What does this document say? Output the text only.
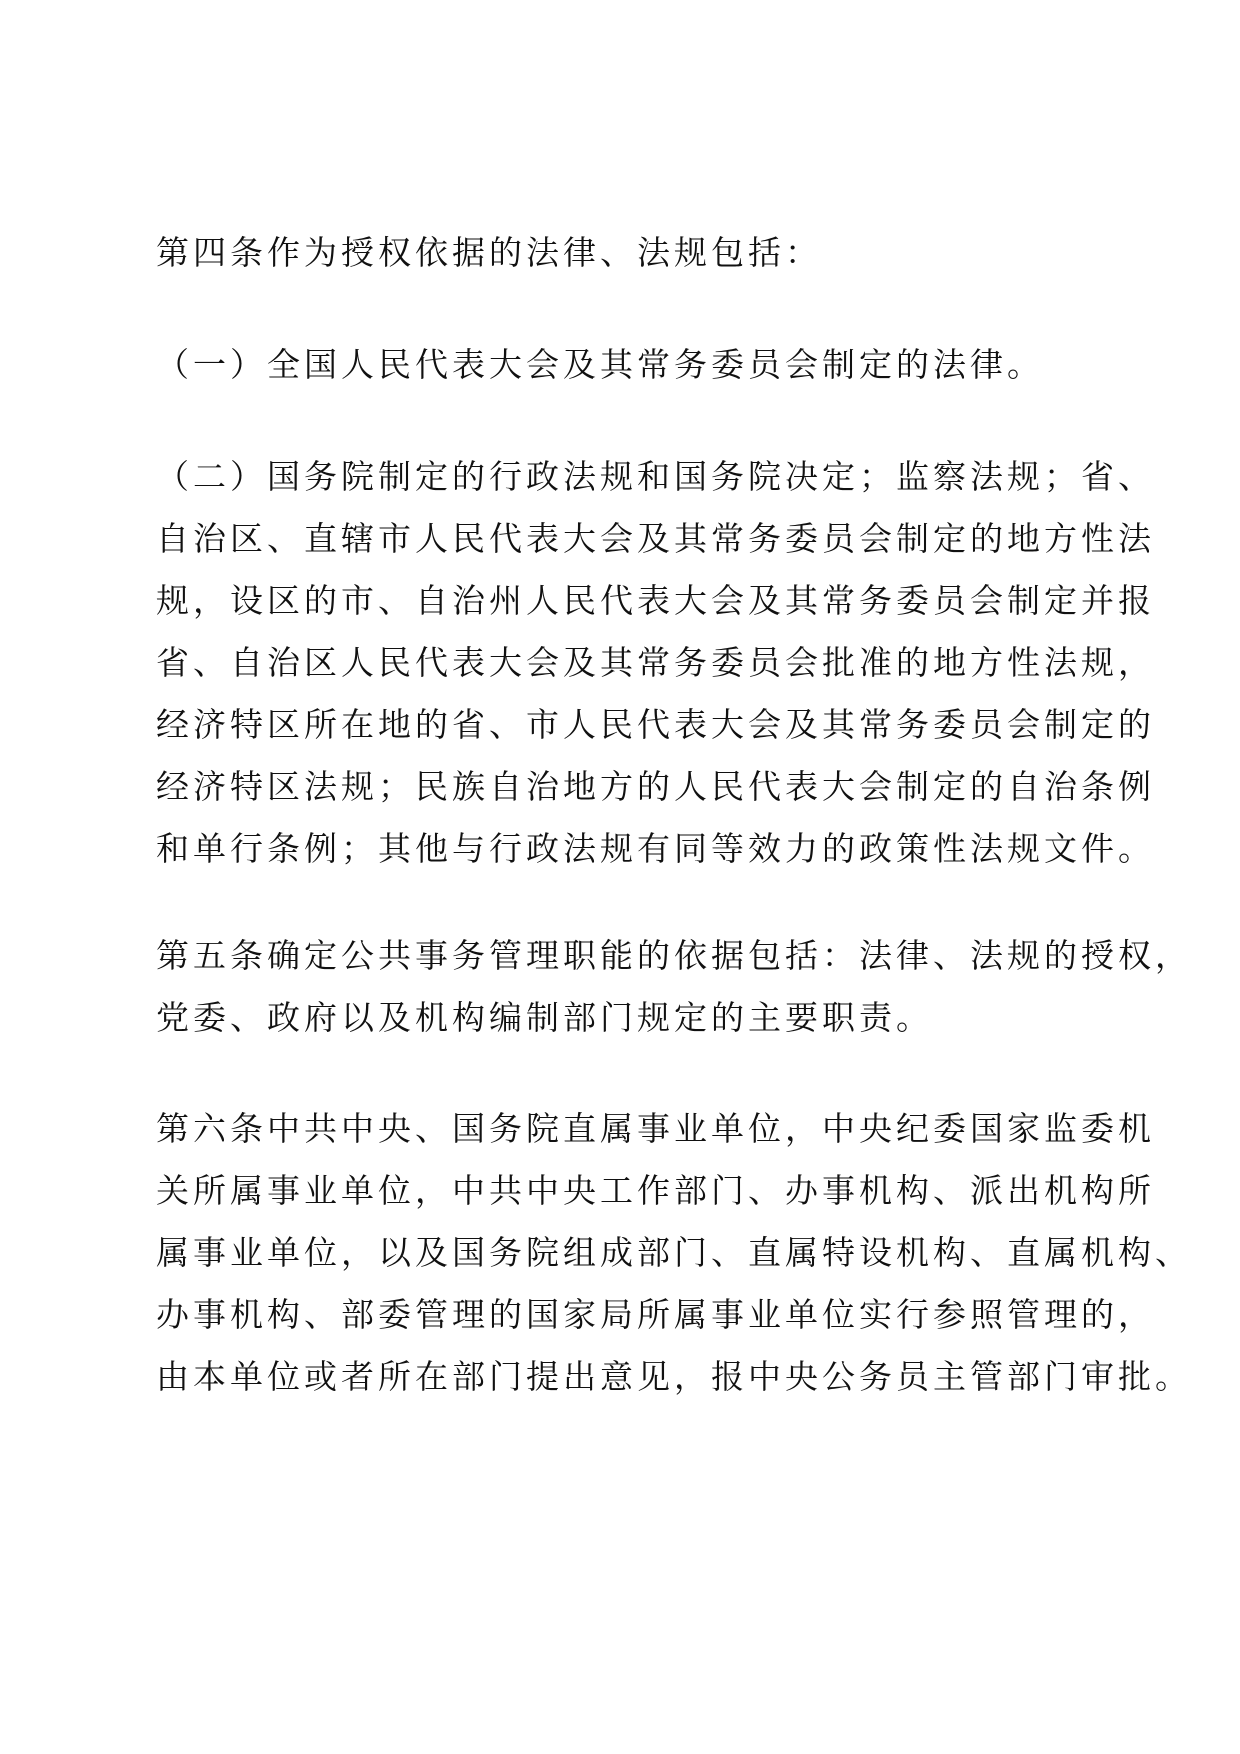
第四条作为授权依据的法律、法规包括：
（一）全国人民代表大会及其常务委员会制定的法律。
（二）国务院制定的行政法规和国务院决定；监察法规；省、
自治区、直辖市人民代表大会及其常务委员会制定的地方性法
规，设区的市、自治州人民代表大会及其常务委员会制定并报
省、自治区人民代表大会及其常务委员会批准的地方性法规，
经济特区所在地的省、市人民代表大会及其常务委员会制定的
经济特区法规；民族自治地方的人民代表大会制定的自治条例
和单行条例；其他与行政法规有同等效力的政策性法规文件。
第五条确定公共事务管理职能的依据包括：法律、法规的授权，
党委、政府以及机构编制部门规定的主要职责。
第六条中共中央、国务院直属事业单位，中央纪委国家监委机
关所属事业单位，中共中央工作部门、办事机构、派出机构所
属事业单位，以及国务院组成部门、直属特设机构、直属机构、
办事机构、部委管理的国家局所属事业单位实行参照管理的，
由本单位或者所在部门提出意见，报中央公务员主管部门审批。
